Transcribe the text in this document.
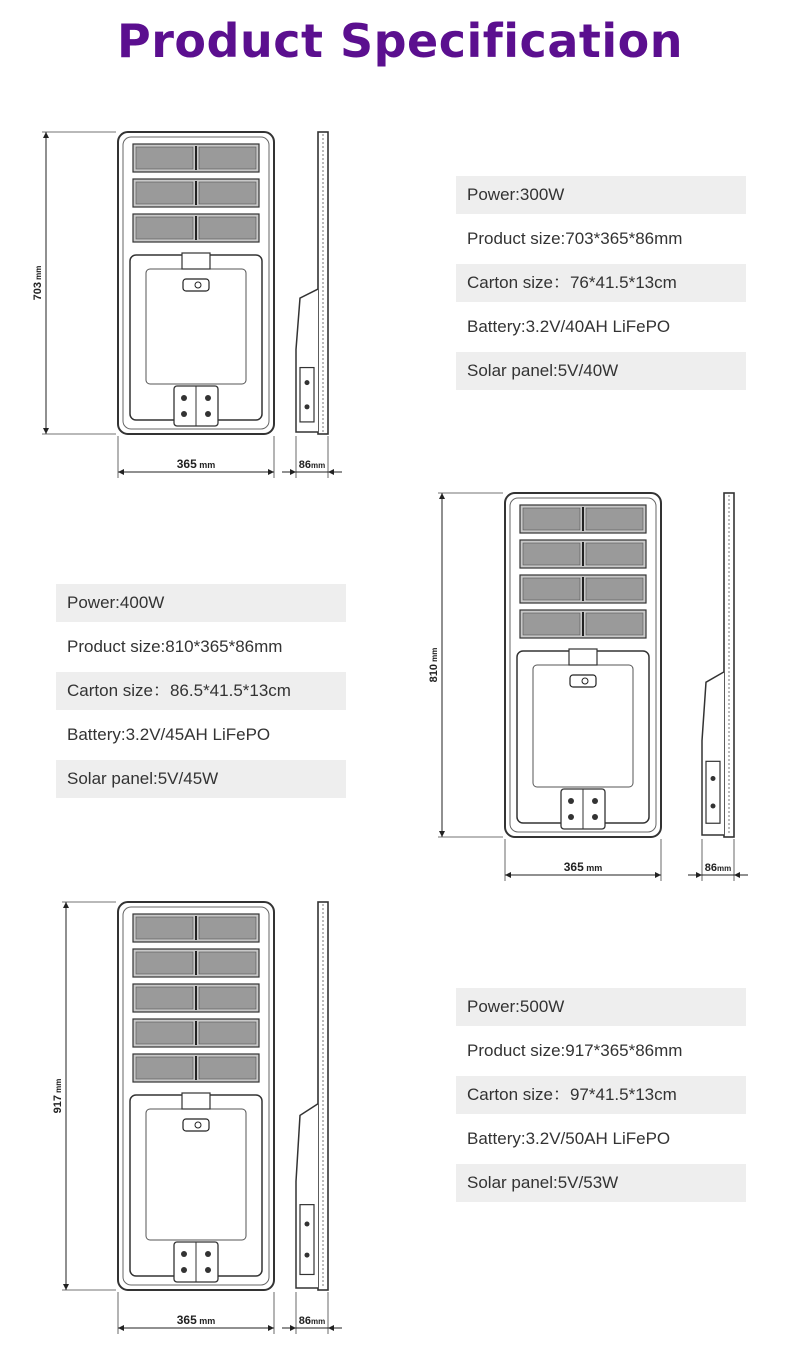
Product Specification
703 mm
365 mm	86mm
Power:300W
Product size:703*365*86mm
Carton size：76*41.5*13cm
Battery:3.2V/40AH LiFePO
Solar panel:5V/40W
Power:400W
Product size:810*365*86mm
Carton size：86.5*41.5*13cm
Battery:3.2V/45AH LiFePO
Solar panel:5V/45W
810 mm
365 mm	86mm
917 mm
365 mm	86mm
Power:500W
Product size:917*365*86mm
Carton size：97*41.5*13cm
Battery:3.2V/50AH LiFePO
Solar panel:5V/53W
